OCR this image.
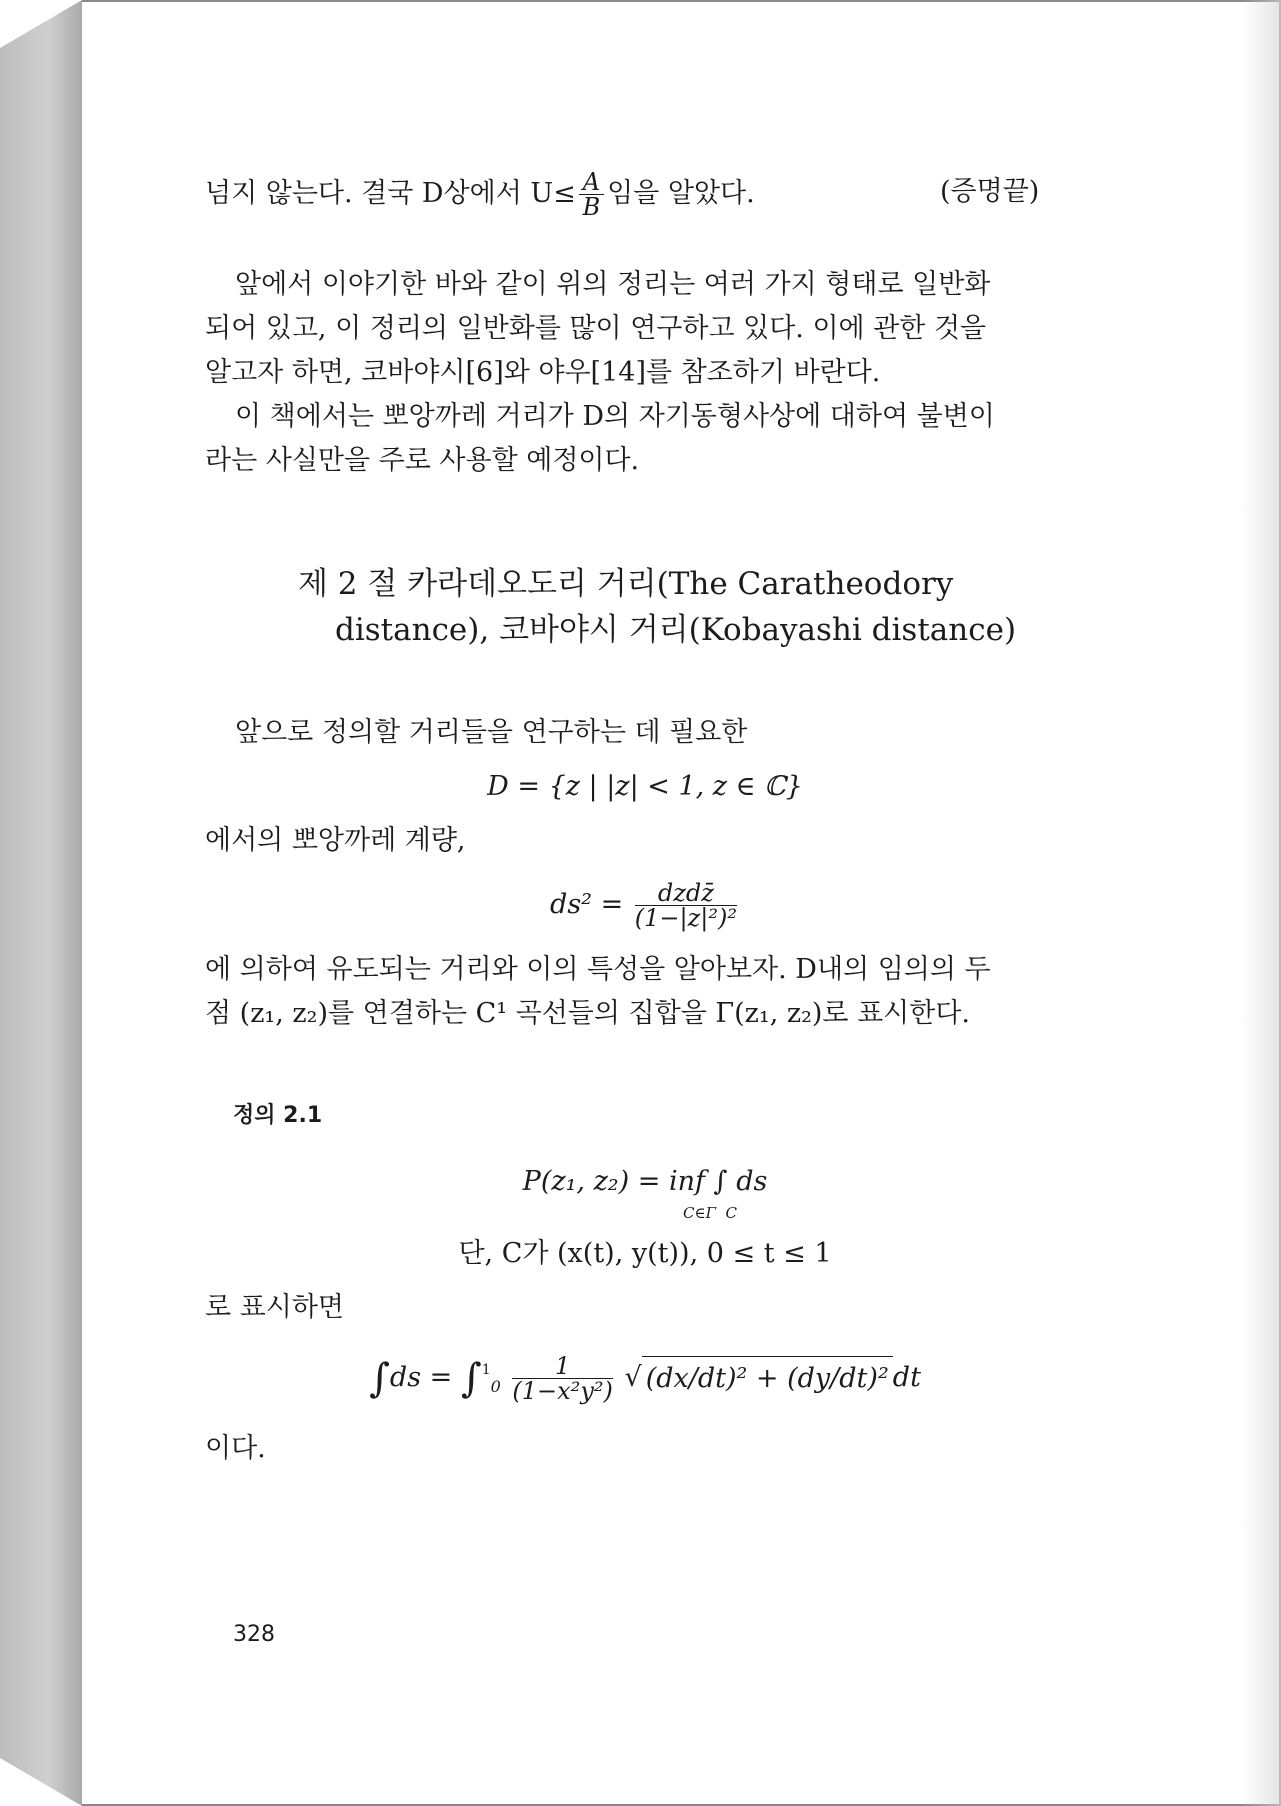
넘지 않는다. 결국 D상에서 $U\le \frac{A}{B}$ 임을 알았다.	(증명끝)
앞에서 이야기한 바와 같이 위의 정리는 여러 가지 형태로 일반화
되어 있고, 이 정리의 일반화를 많이 연구하고 있다. 이에 관한 것을
알고자 하면, 코바야시[6]와 야우[14]를 참조하기 바란다.
이 책에서는 뽀앙까레 거리가 D의 자기동형사상에 대하여 불변이
라는 사실만을 주로 사용할 예정이다.
제 2 절 카라데오도리 거리(The Caratheodory
distance), 코바야시 거리(Kobayashi distance)
앞으로 정의할 거리들을 연구하는 데 필요한
D = {z | |z| < 1, z ∈ ℂ}
에서의 뽀앙까레 계량,
$ds^2 = \frac{\text{dzdz̄}}{\text{(1−|z|²)²}}$
에 의하여 유도되는 거리와 이의 특성을 알아보자. D내의 임의의 두
점 (z₁, z₂)를 연결하는 C¹ 곡선들의 집합을 Γ(z₁, z₂)로 표시한다.
정의 2.1
P(z₁, z₂) = inf ∫ ds
C∈Γ C
단, C가 (x(t), y(t)), 0 ≤ t ≤ 1
로 표시하면
$\int ds = \int^1_0 \frac{1}{\text{(1−x²y²)}}$ √ (dx/dt)² + (dy/dt)² dt
이다.
328
